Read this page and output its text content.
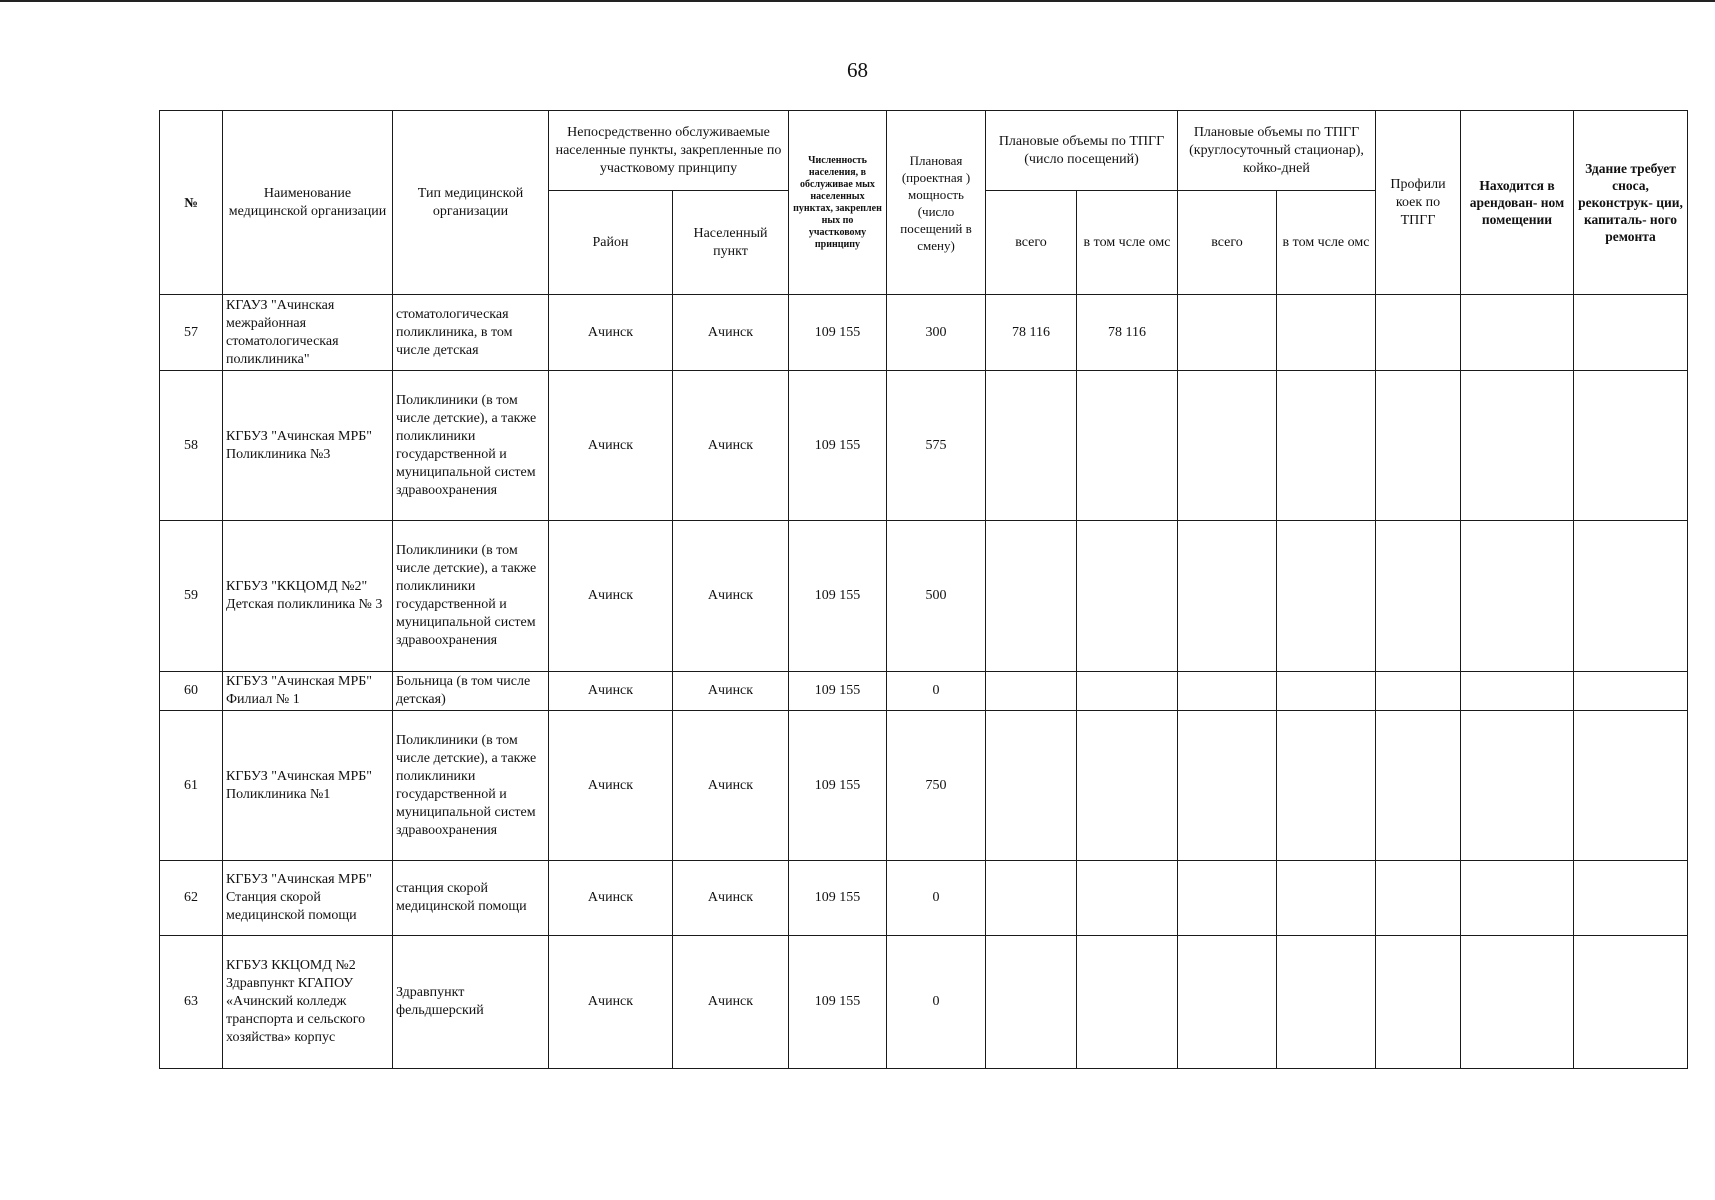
68
№	Наименование медицинской организации	Тип медицинской организации	Непосредственно обслуживаемые населенные пункты, закрепленные по участковому принципу		Численность населения, в обслуживае мых населенных пунктах, закреплен ных по участковому принципу	Плановая (проектная ) мощность (число посещений в смену)	Плановые объемы по ТПГГ (число посещений)		Плановые объемы по ТПГГ (круглосуточный стационар), койко-дней		Профили коек по ТПГГ	Находится в арендован- ном помещении	Здание требует сноса, реконструк- ции, капиталь- ного ремонта
			Район	Населенный пункт			всего	в том чсле омс	всего	в том чсле омс			
57	КГАУЗ "Ачинская межрайонная стоматологическая поликлиника"	стоматологическая поликлиника, в том числе детская	Ачинск	Ачинск	109 155	300	78 116	78 116					
58	КГБУЗ "Ачинская МРБ" Поликлиника №3	Поликлиники (в том числе детские), а также поликлиники государственной и муниципальной систем здравоохранения	Ачинск	Ачинск	109 155	575							
59	КГБУЗ "ККЦОМД №2" Детская поликлиника № 3	Поликлиники (в том числе детские), а также поликлиники государственной и муниципальной систем здравоохранения	Ачинск	Ачинск	109 155	500							
60	КГБУЗ "Ачинская МРБ" Филиал № 1	Больница (в том числе детская)	Ачинск	Ачинск	109 155	0							
61	КГБУЗ "Ачинская МРБ" Поликлиника №1	Поликлиники (в том числе детские), а также поликлиники государственной и муниципальной систем здравоохранения	Ачинск	Ачинск	109 155	750							
62	КГБУЗ "Ачинская МРБ" Станция скорой медицинской помощи	станция скорой медицинской помощи	Ачинск	Ачинск	109 155	0							
63	КГБУЗ ККЦОМД №2 Здравпункт КГАПОУ «Ачинский колледж транспорта и сельского хозяйства» корпус	Здравпункт фельдшерский	Ачинск	Ачинск	109 155	0							
